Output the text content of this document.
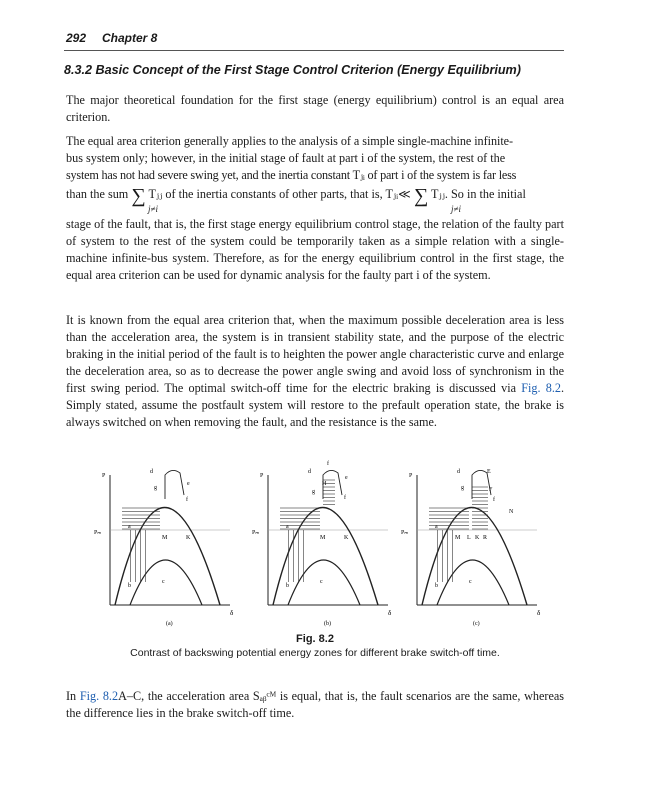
292 Chapter 8
8.3.2 Basic Concept of the First Stage Control Criterion (Energy Equilibrium)

The major theoretical foundation for the first stage (energy equilibrium) control is an equal area criterion.

The equal area criterion generally applies to the analysis of a simple single-machine infinite-
bus system only; however, in the initial stage of fault at part i of the system, the rest of the
system has not had severe swing yet, and the inertia constant Tⱼᵢ of part i of the system is far less
than the sum ∑ Tⱼⱼ of the inertia constants of other parts, that is, Tⱼᵢ≪ ∑ Tⱼⱼ. So in the initial
j≠i	j≠i

stage of the fault, that is, the first stage energy equilibrium control stage, the relation of the faulty part of system to the rest of the system could be temporarily taken as a simple relation with a single-machine infinite-bus system. Therefore, as for the energy equilibrium control in the first stage, the equal area criterion can be used for dynamic analysis for the faulty part i of the system.

It is known from the equal area criterion that, when the maximum possible deceleration area is less than the acceleration area, the system is in transient stability state, and the purpose of the electric braking in the initial period of the fault is to heighten the power angle characteristic curve and enlarge the deceleration area, so as to decrease the power angle swing and avoid loss of synchronism in the first swing period. The optimal switch-off time for the electric braking is discussed via Fig. 8.2. Simply stated, assume the postfault system will restore to the prefault operation state, the brake is always switched on when removing the fault, and the resistance is the same.

P
Pₘ
δ
d
e
g
f
a
M	K
b
c
(a)
P
Pₘ
δ
d
f
e
H
g
f
a
M	K
b
c
(b)
P
Pₘ
δ
d	E
g	F
f
N
a
M L K R
b
c
(c)
Fig. 8.2
Contrast of backswing potential energy zones for different brake switch-off time.

In Fig. 8.2A–C, the acceleration area Sₐᵦᶜᴹ is equal, that is, the fault scenarios are the same, whereas the difference lies in the brake switch-off time.
